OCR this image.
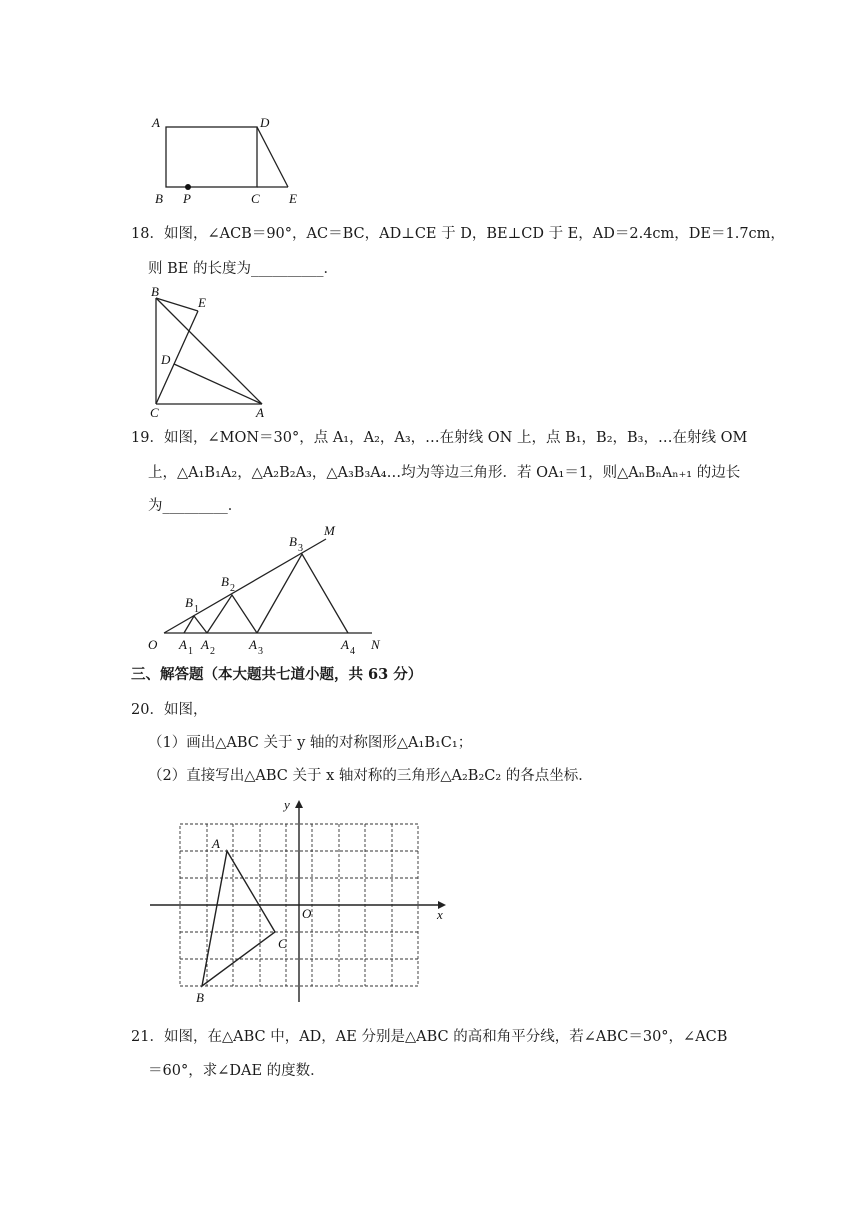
A	D
B P	C E
18．如图，∠ACB＝90°，AC＝BC，AD⊥CE 于 D，BE⊥CD 于 E，AD＝2.4cm，DE＝1.7cm，
则 BE 的长度为__________．
B
E
D
C	A
19．如图，∠MON＝30°，点 A₁，A₂，A₃，…在射线 ON 上，点 B₁，B₂，B₃，…在射线 OM
上，△A₁B₁A₂，△A₂B₂A₃，△A₃B₃A₄…均为等边三角形．若 OA₁＝1，则△AₙBₙAₙ₊₁ 的边长
为_________．
O
M
N
B 1
B 2
B 3
A 1 A 2	A 3	A 4
三、解答题（本大题共七道小题，共 63 分）
20．如图，
（1）画出△ABC 关于 y 轴的对称图形△A₁B₁C₁；
（2）直接写出△ABC 关于 x 轴对称的三角形△A₂B₂C₂ 的各点坐标．
y
x
O
A
B
C
21．如图，在△ABC 中，AD，AE 分别是△ABC 的高和角平分线，若∠ABC＝30°，∠ACB
＝60°，求∠DAE 的度数．
